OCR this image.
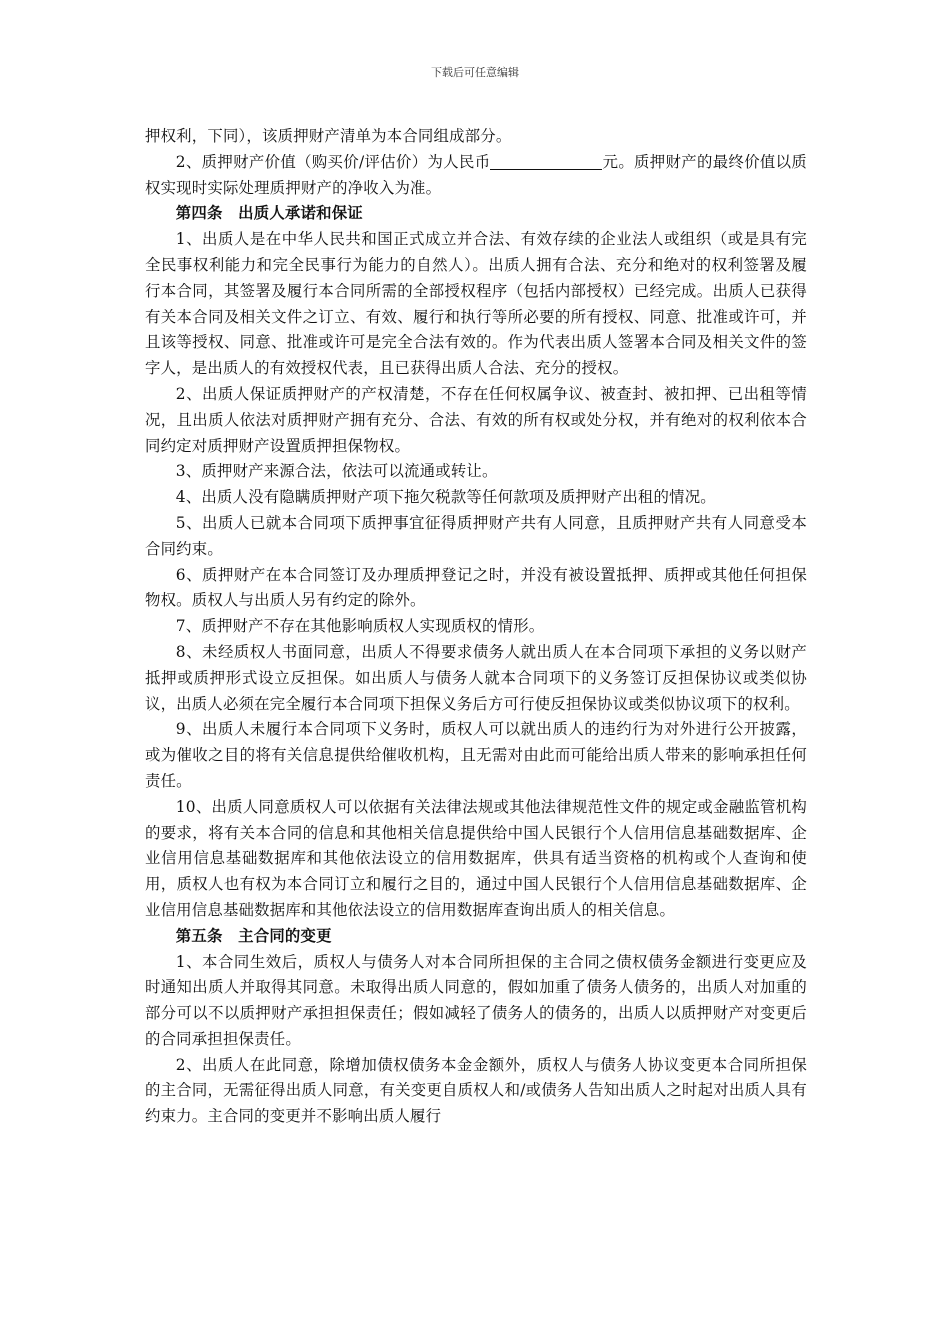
下载后可任意编辑

押权利，下同），该质押财产清单为本合同组成部分。

2、质押财产价值（购买价/评估价）为人民币	元。质押财产的最终价值以质权实现时实际处理质押财产的净收入为准。

第四条　出质人承诺和保证

1、出质人是在中华人民共和国正式成立并合法、有效存续的企业法人或组织（或是具有完全民事权利能力和完全民事行为能力的自然人）。出质人拥有合法、充分和绝对的权利签署及履行本合同，其签署及履行本合同所需的全部授权程序（包括内部授权）已经完成。出质人已获得有关本合同及相关文件之订立、有效、履行和执行等所必要的所有授权、同意、批准或许可，并且该等授权、同意、批准或许可是完全合法有效的。作为代表出质人签署本合同及相关文件的签字人，是出质人的有效授权代表，且已获得出质人合法、充分的授权。

2、出质人保证质押财产的产权清楚，不存在任何权属争议、被查封、被扣押、已出租等情况，且出质人依法对质押财产拥有充分、合法、有效的所有权或处分权，并有绝对的权利依本合同约定对质押财产设置质押担保物权。

3、质押财产来源合法，依法可以流通或转让。

4、出质人没有隐瞒质押财产项下拖欠税款等任何款项及质押财产出租的情况。

5、出质人已就本合同项下质押事宜征得质押财产共有人同意，且质押财产共有人同意受本合同约束。

6、质押财产在本合同签订及办理质押登记之时，并没有被设置抵押、质押或其他任何担保物权。质权人与出质人另有约定的除外。

7、质押财产不存在其他影响质权人实现质权的情形。

8、未经质权人书面同意，出质人不得要求债务人就出质人在本合同项下承担的义务以财产抵押或质押形式设立反担保。如出质人与债务人就本合同项下的义务签订反担保协议或类似协议，出质人必须在完全履行本合同项下担保义务后方可行使反担保协议或类似协议项下的权利。

9、出质人未履行本合同项下义务时，质权人可以就出质人的违约行为对外进行公开披露，或为催收之目的将有关信息提供给催收机构，且无需对由此而可能给出质人带来的影响承担任何责任。

10、出质人同意质权人可以依据有关法律法规或其他法律规范性文件的规定或金融监管机构的要求，将有关本合同的信息和其他相关信息提供给中国人民银行个人信用信息基础数据库、企业信用信息基础数据库和其他依法设立的信用数据库，供具有适当资格的机构或个人查询和使用，质权人也有权为本合同订立和履行之目的，通过中国人民银行个人信用信息基础数据库、企业信用信息基础数据库和其他依法设立的信用数据库查询出质人的相关信息。

第五条　主合同的变更

1、本合同生效后，质权人与债务人对本合同所担保的主合同之债权债务金额进行变更应及时通知出质人并取得其同意。未取得出质人同意的，假如加重了债务人债务的，出质人对加重的部分可以不以质押财产承担担保责任；假如减轻了债务人的债务的，出质人以质押财产对变更后的合同承担担保责任。

2、出质人在此同意，除增加债权债务本金金额外，质权人与债务人协议变更本合同所担保的主合同，无需征得出质人同意，有关变更自质权人和/或债务人告知出质人之时起对出质人具有约束力。主合同的变更并不影响出质人履行
